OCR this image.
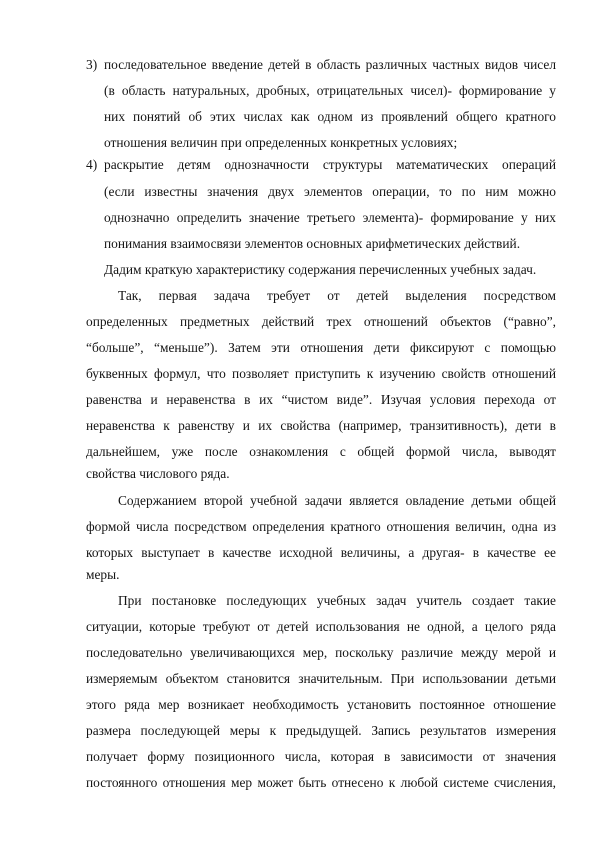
3) последовательное введение детей в область различных частных видов чисел
(в область натуральных, дробных, отрицательных чисел)- формирование у
них понятий об этих числах как одном из проявлений общего кратного
отношения величин при определенных конкретных условиях;
4) раскрытие детям однозначности структуры математических операций
(если известны значения двух элементов операции, то по ним можно
однозначно определить значение третьего элемента)- формирование у них
понимания взаимосвязи элементов основных арифметических действий.
Дадим краткую характеристику содержания перечисленных учебных задач.
Так, первая задача требует от детей выделения посредством
определенных предметных действий трех отношений объектов (“равно”,
“больше”, “меньше”). Затем эти отношения дети фиксируют с помощью
буквенных формул, что позволяет приступить к изучению свойств отношений
равенства и неравенства в их “чистом виде”. Изучая условия перехода от
неравенства к равенству и их свойства (например, транзитивность), дети в
дальнейшем, уже после ознакомления с общей формой числа, выводят
свойства числового ряда.
Содержанием второй учебной задачи является овладение детьми общей
формой числа посредством определения кратного отношения величин, одна из
которых выступает в качестве исходной величины, а другая- в качестве ее
меры.
При постановке последующих учебных задач учитель создает такие
ситуации, которые требуют от детей использования не одной, а целого ряда
последовательно увеличивающихся мер, поскольку различие между мерой и
измеряемым объектом становится значительным. При использовании детьми
этого ряда мер возникает необходимость установить постоянное отношение
размера последующей меры к предыдущей. Запись результатов измерения
получает форму позиционного числа, которая в зависимости от значения
постоянного отношения мер может быть отнесено к любой системе счисления,
